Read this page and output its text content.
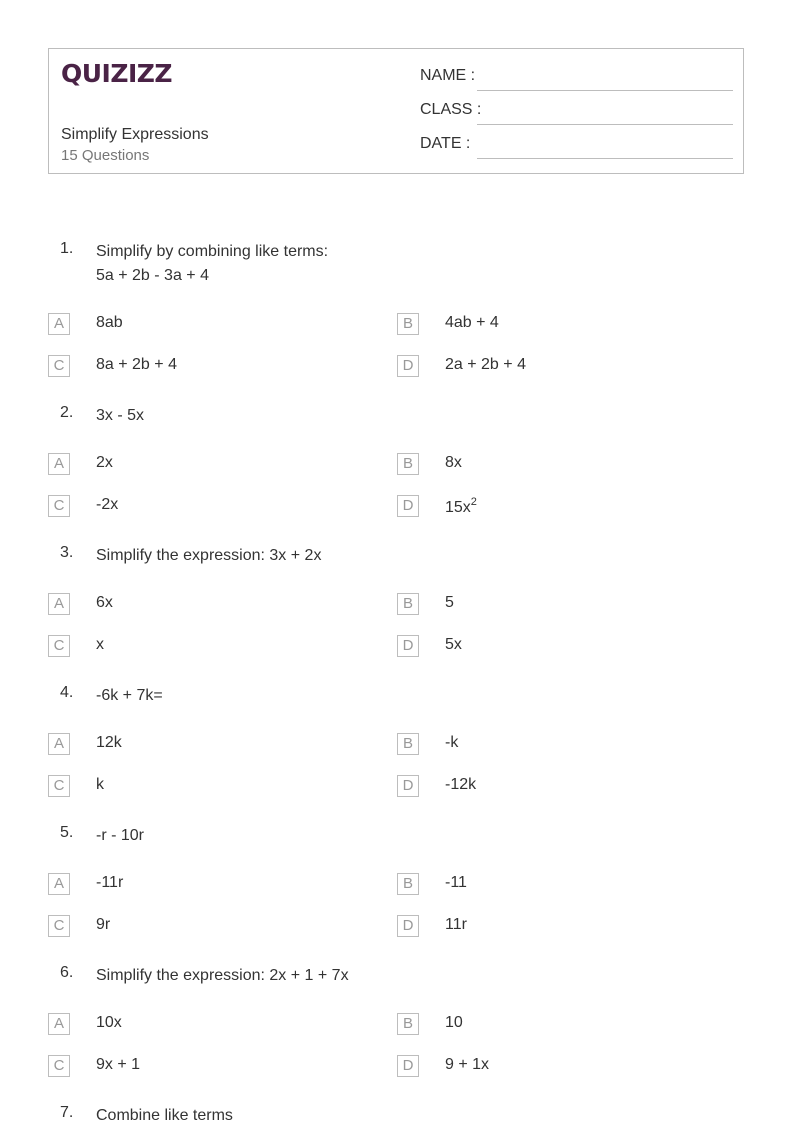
QUIZIZZ
Simplify Expressions
15 Questions
NAME :
CLASS :
DATE :
1. Simplify by combining like terms:
5a + 2b - 3a + 4
A	8ab	B	4ab + 4
C	8a + 2b + 4	D	2a + 2b + 4
2. 3x - 5x
A	2x	B	8x
C	-2x	D	$15x^2$
3. Simplify the expression: 3x + 2x
A	6x	B	5
C	x	D	5x
4. -6k + 7k=
A	12k	B	-k
C	k	D	-12k
5. -r - 10r
A	-11r	B	-11
C	9r	D	11r
6. Simplify the expression: 2x + 1 + 7x
A	10x	B	10
C	9x + 1	D	9 + 1x
7. Combine like terms
